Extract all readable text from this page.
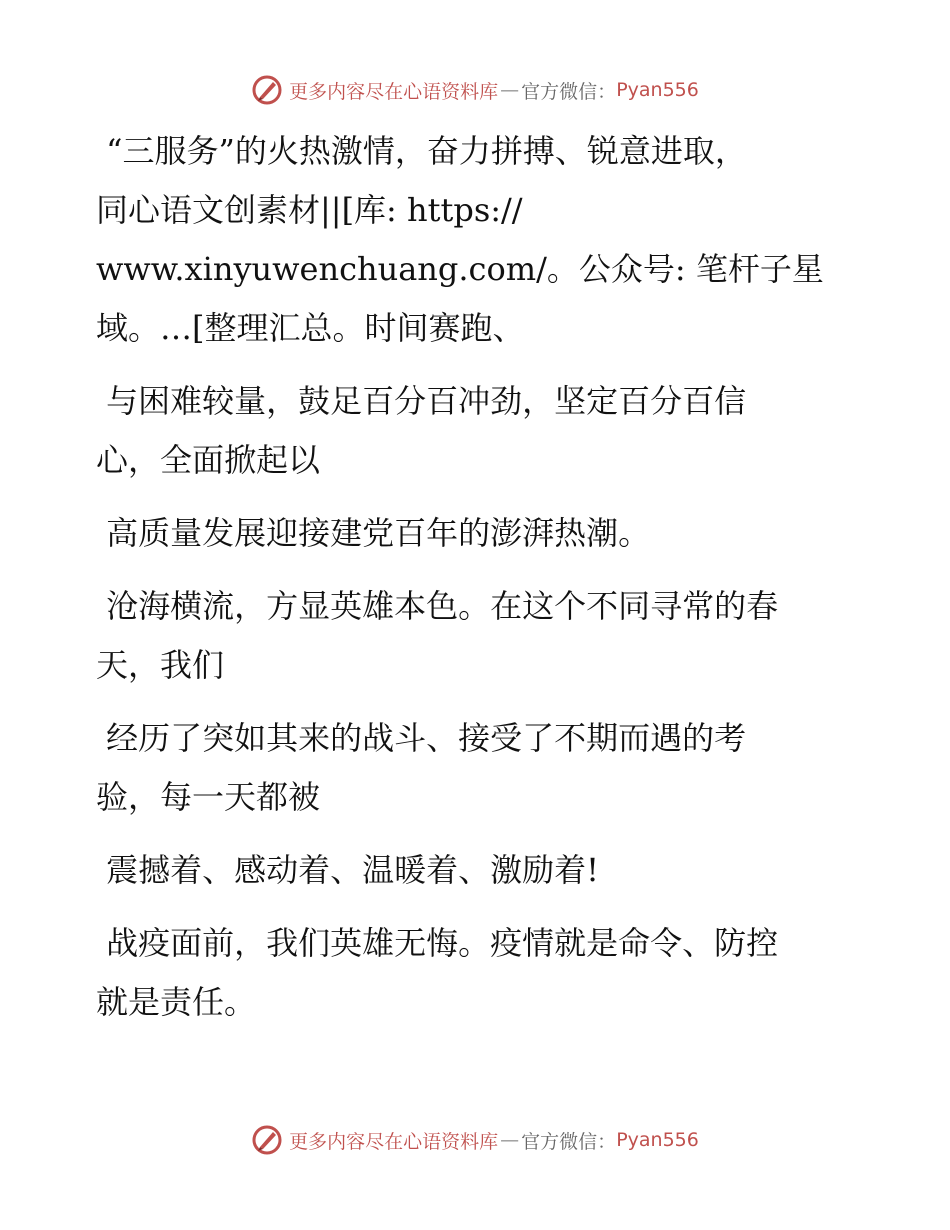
更多内容尽在心语资料库 — 官方微信： Pyan556

“三服务”的火热激情，奋力拼搏、锐意进取，
同心语文创素材||[库: https://
www.xinyuwenchuang.com/。公众号: 笔杆子星
域。…[整理汇总。时间赛跑、

与困难较量，鼓足百分百冲劲，坚定百分百信
心，全面掀起以

高质量发展迎接建党百年的澎湃热潮。

沧海横流，方显英雄本色。在这个不同寻常的春
天，我们

经历了突如其来的战斗、接受了不期而遇的考
验，每一天都被

震撼着、感动着、温暖着、激励着!

战疫面前，我们英雄无悔。疫情就是命令、防控
就是责任。

更多内容尽在心语资料库 — 官方微信： Pyan556
